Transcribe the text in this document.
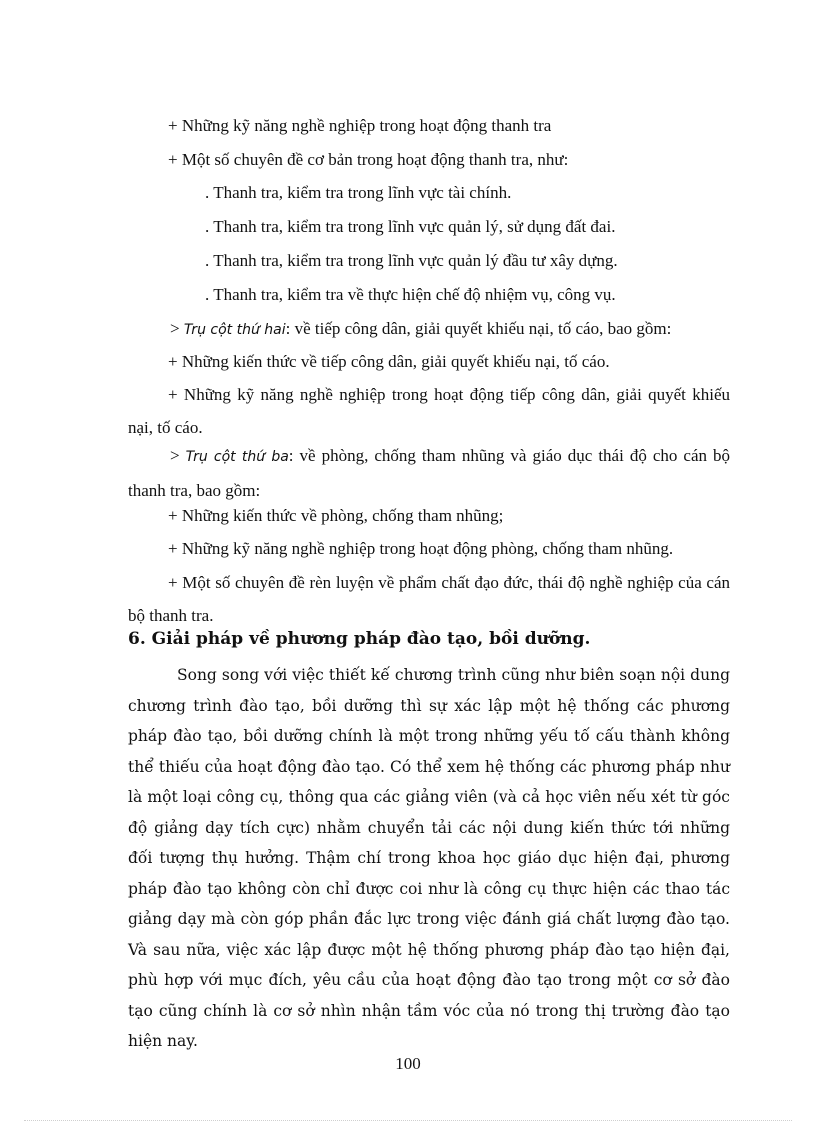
+ Những kỹ năng nghề nghiệp trong hoạt động thanh tra
+ Một số chuyên đề cơ bản trong hoạt động thanh tra, như:
. Thanh tra, kiểm tra trong lĩnh vực tài chính.
. Thanh tra, kiểm tra trong lĩnh vực quản lý, sử dụng đất đai.
. Thanh tra, kiểm tra trong lĩnh vực quản lý đầu tư xây dựng.
. Thanh tra, kiểm tra về thực hiện chế độ nhiệm vụ, công vụ.
> Trụ cột thứ hai: về tiếp công dân, giải quyết khiếu nại, tố cáo, bao gồm:
+ Những kiến thức về tiếp công dân, giải quyết khiếu nại, tố cáo.
+ Những kỹ năng nghề nghiệp trong hoạt động tiếp công dân, giải quyết khiếu nại, tố cáo.
> Trụ cột thứ ba: về phòng, chống tham nhũng và giáo dục thái độ cho cán bộ thanh tra, bao gồm:
+ Những kiến thức về phòng, chống tham nhũng;
+ Những kỹ năng nghề nghiệp trong hoạt động phòng, chống tham nhũng.
+ Một số chuyên đề rèn luyện về phẩm chất đạo đức, thái độ nghề nghiệp của cán bộ thanh tra.
6. Giải pháp về phương pháp đào tạo, bồi dưỡng.
Song song với việc thiết kế chương trình cũng như biên soạn nội dung chương trình đào tạo, bồi dưỡng thì sự xác lập một hệ thống các phương pháp đào tạo, bồi dưỡng chính là một trong những yếu tố cấu thành không thể thiếu của hoạt động đào tạo. Có thể xem hệ thống các phương pháp như là một loại công cụ, thông qua các giảng viên (và cả học viên nếu xét từ góc độ giảng dạy tích cực) nhằm chuyển tải các nội dung kiến thức tới những đối tượng thụ hưởng. Thậm chí trong khoa học giáo dục hiện đại, phương pháp đào tạo không còn chỉ được coi như là công cụ thực hiện các thao tác giảng dạy mà còn góp phần đắc lực trong việc đánh giá chất lượng đào tạo. Và sau nữa, việc xác lập được một hệ thống phương pháp đào tạo hiện đại, phù hợp với mục đích, yêu cầu của hoạt động đào tạo trong một cơ sở đào tạo cũng chính là cơ sở nhìn nhận tầm vóc của nó trong thị trường đào tạo hiện nay.
100
